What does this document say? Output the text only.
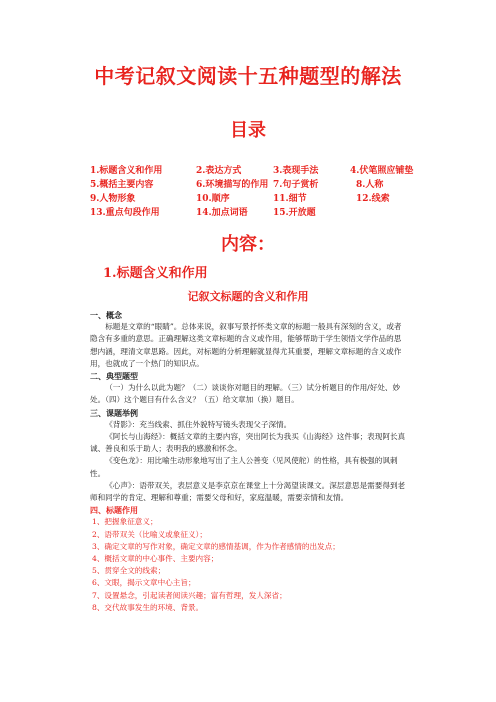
中考记叙文阅读十五种题型的解法
目录
1.标题含义和作用	2.表达方式	3.表现手法	4.伏笔照应铺垫
5.概括主要内容	6.环境描写的作用 7.句子赏析	8.人称
9.人物形象	10.顺序	11.细节	12.线索
13.重点句段作用	14.加点词语	15.开放题
内容：
1.标题含义和作用
记叙文标题的含义和作用
一、概念

标题是文章的“眼睛”。总体来说，叙事写景抒怀类文章的标题一般具有深刻的含义，或者隐含有多重的意思。正确理解这类文章标题的含义或作用，能够帮助于学生领悟文学作品的思想内涵，理清文章思路。因此，对标题的分析理解就显得尤其重要，理解文章标题的含义或作用，也就成了一个热门的知识点。

二、典型题型

（一）为什么以此为题？（二）谈谈你对题目的理解。（三）试分析题目的作用/好处、妙处。（四）这个题目有什么含义？（五）给文章加（换）题目。

三、课题举例

《背影》：充当线索、抓住外貌特写镜头表现父子深情。

《阿长与山海经》：概括文章的主要内容，突出阿长为我买《山海经》这件事；表现阿长真诚、善良和乐于助人；表明我的感激和怀念。

《变色龙》：用比喻生动形象地写出了主人公善变（见风使舵）的性格，具有极强的讽刺性。

《心声》：语带双关，表层意义是李京京在课堂上十分渴望读课文。深层意思是需要得到老师和同学的肯定、理解和尊重；需要父母和好，家庭温暖，需要亲情和友情。

四、标题作用

1、把握象征意义；

2、语带双关（比喻义或象征义）；

3、确定文章的写作对象，确定文章的感情基调，作为作者感情的出发点；

4、概括文章的中心事件、主要内容；

5、贯穿全文的线索；

6、文眼，揭示文章中心主旨；

7、设置悬念，引起读者阅读兴趣；富有哲理，发人深省；

8、交代故事发生的环境、背景。
